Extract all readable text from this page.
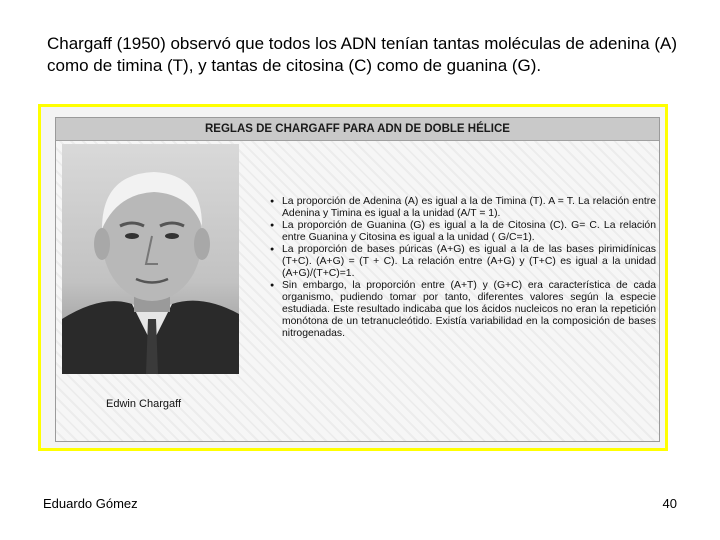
Chargaff (1950) observó que todos los ADN tenían tantas moléculas de adenina (A) como de timina (T), y tantas de citosina (C) como de guanina (G).

REGLAS DE CHARGAFF PARA ADN DE DOBLE HÉLICE
Edwin Chargaff
● La proporción de Adenina (A) es igual a la de Timina (T). A = T. La relación entre Adenina y Timina es igual a la unidad (A/T = 1).
● La proporción de Guanina (G) es igual a la de Citosina (C). G= C. La relación entre Guanina y Citosina es igual a la unidad ( G/C=1).
● La proporción de bases púricas (A+G) es igual a la de las bases pirimidínicas (T+C). (A+G) = (T + C). La relación entre (A+G) y (T+C) es igual a la unidad (A+G)/(T+C)=1.
● Sin embargo, la proporción entre (A+T) y (G+C) era característica de cada organismo, pudiendo tomar por tanto, diferentes valores según la especie estudiada. Este resultado indicaba que los ácidos nucleicos no eran la repetición monótona de un tetranucleótido. Existía variabilidad en la composición de bases nitrogenadas.
Eduardo Gómez	40
